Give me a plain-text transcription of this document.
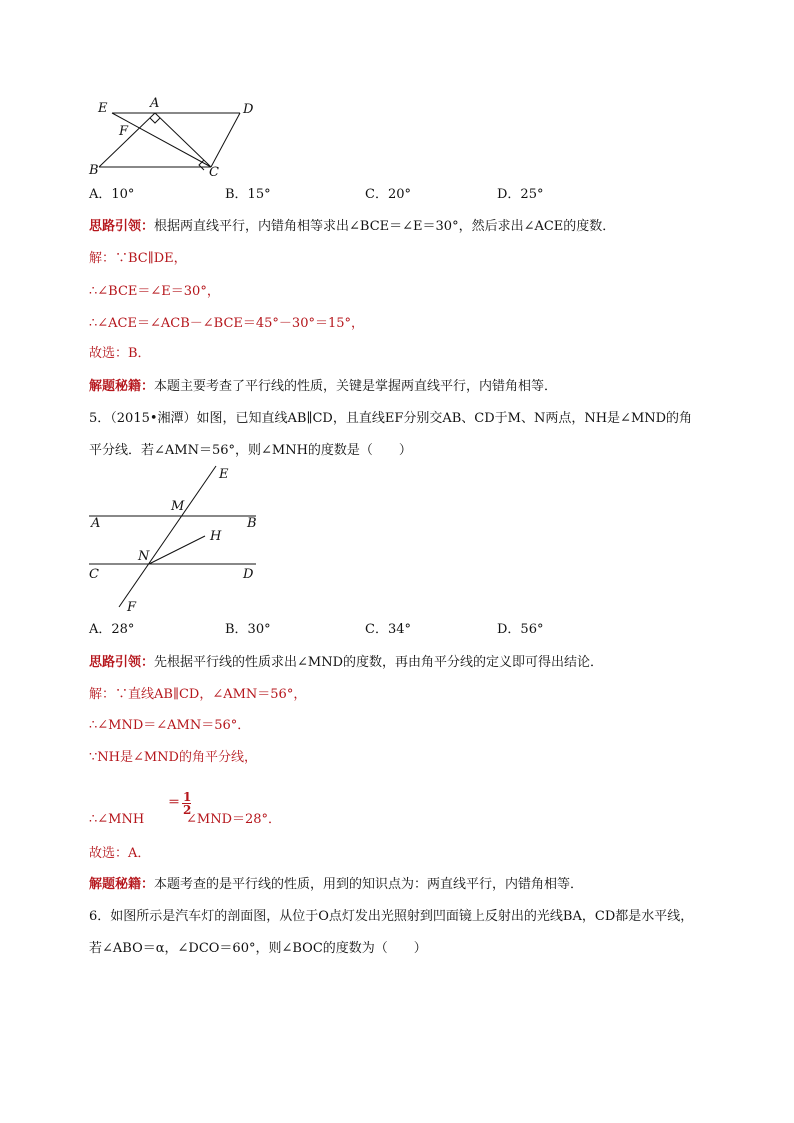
E	A	D
F
B	C
A．10°	B．15°	C．20°	D．25°
思路引领：根据两直线平行，内错角相等求出∠BCE＝∠E＝30°，然后求出∠ACE的度数．
解：∵BC∥DE，
∴∠BCE＝∠E＝30°，
∴∠ACE＝∠ACB－∠BCE＝45°－30°＝15°，
故选：B．
解题秘籍：本题主要考查了平行线的性质，关键是掌握两直线平行，内错角相等．
5．（2015•湘潭）如图，已知直线AB∥CD，且直线EF分别交AB、CD于M、N两点，NH是∠MND的角
平分线．若∠AMN＝56°，则∠MNH的度数是（　　）
E
M
A	B
N
H
C	D
F
A．28°	B．30°	C．34°	D．56°
思路引领：先根据平行线的性质求出∠MND的度数，再由角平分线的定义即可得出结论．
解：∵直线AB∥CD，∠AMN＝56°，
∴∠MND＝∠AMN＝56°．
∵NH是∠MND的角平分线，
∴∠MNH
＝ 1
2
∠MND＝28°．
故选：A．
解题秘籍：本题考查的是平行线的性质，用到的知识点为：两直线平行，内错角相等．
6．如图所示是汽车灯的剖面图，从位于O点灯发出光照射到凹面镜上反射出的光线BA，CD都是水平线，
若∠ABO＝α，∠DCO＝60°，则∠BOC的度数为（　　）
